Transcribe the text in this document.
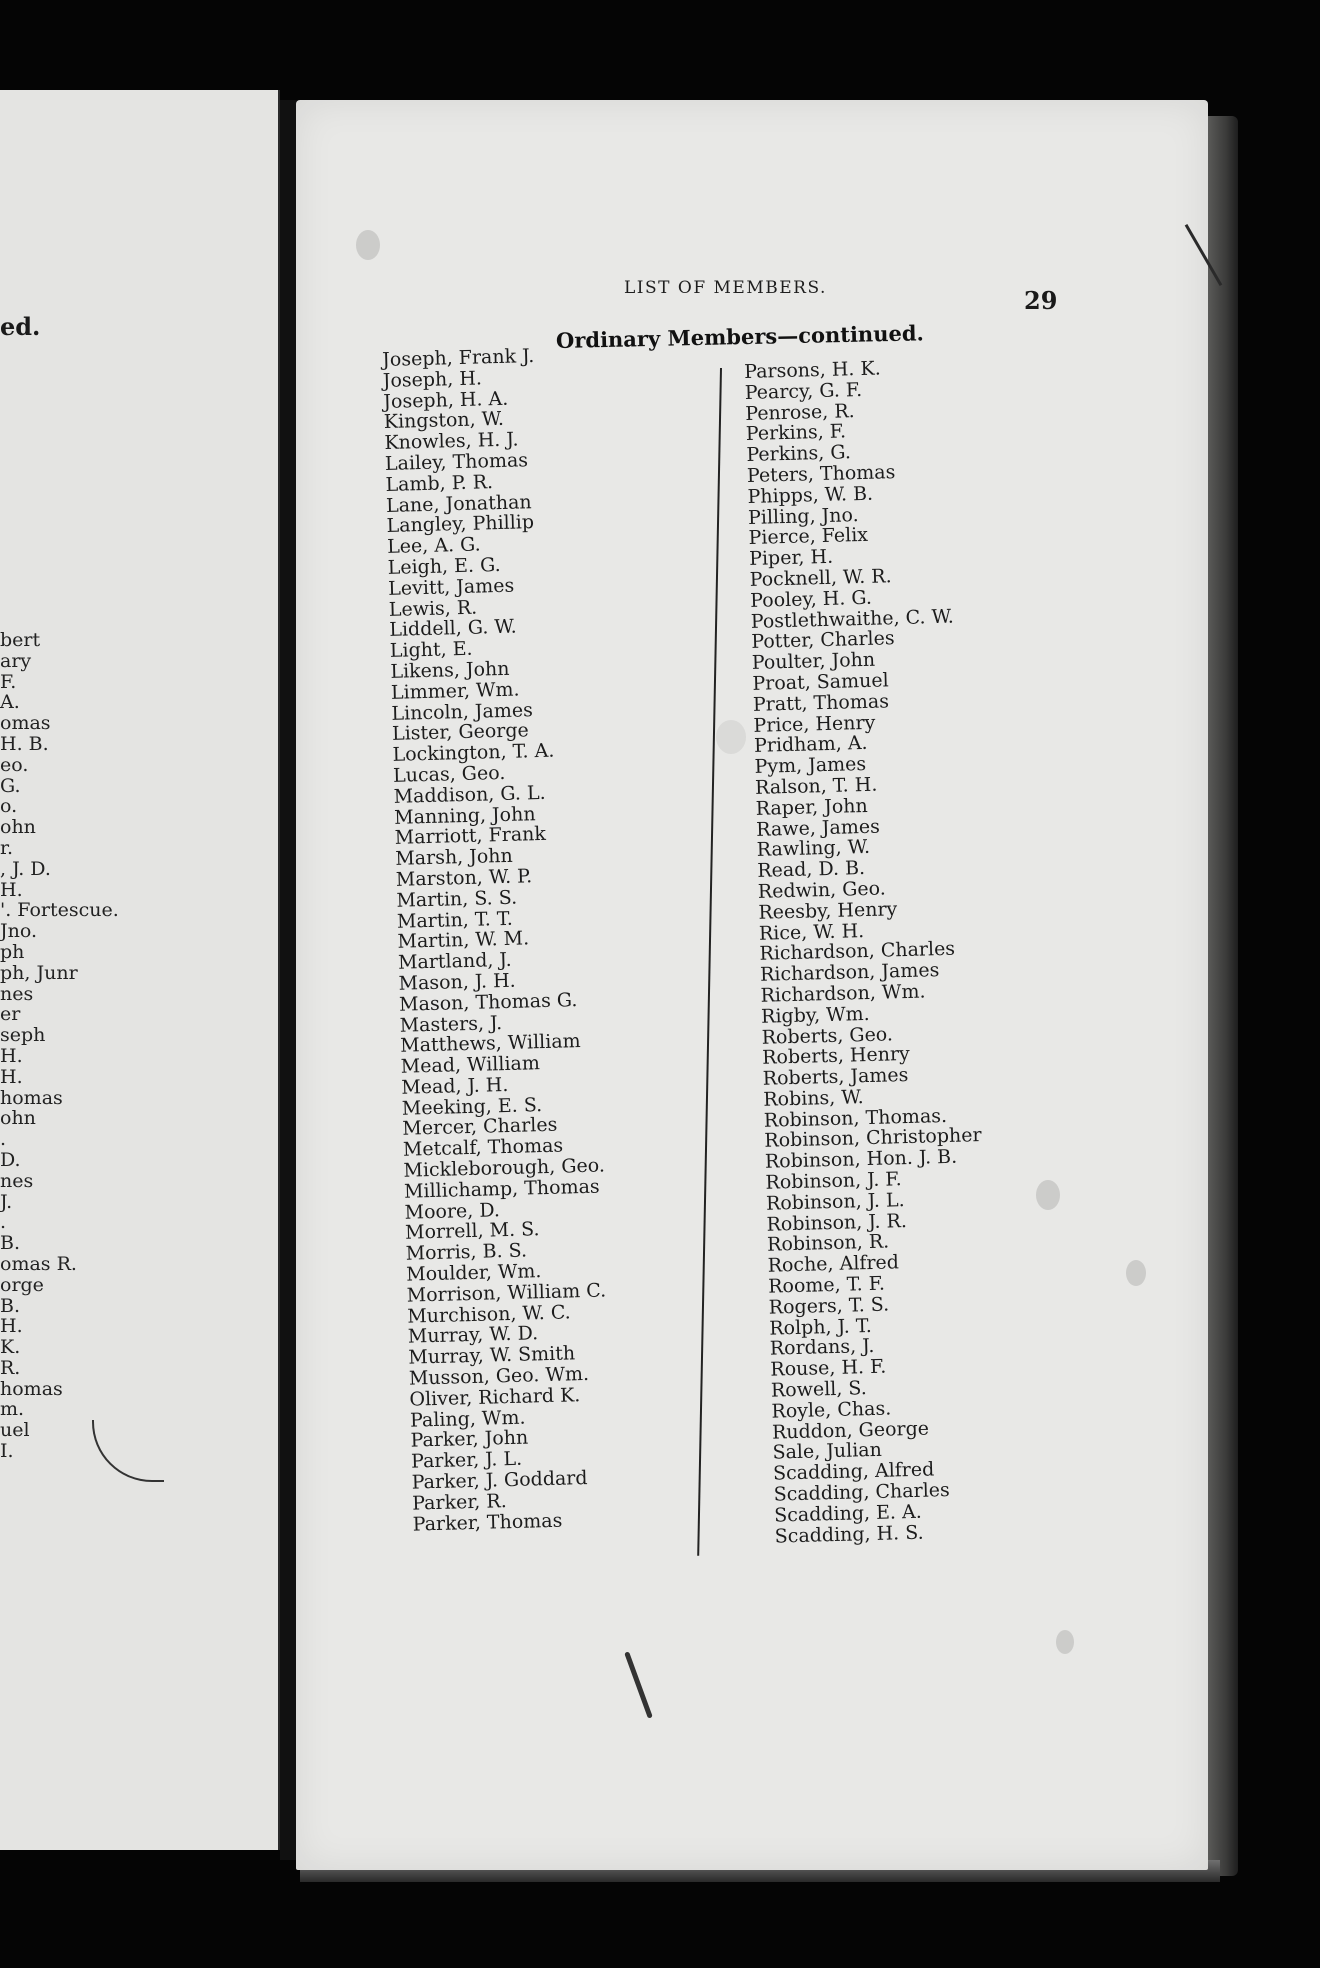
ed.
bert
ary
F.
A.
omas
H. B.
eo.
G.
o.
ohn
r.
, J. D.
H.
'. Fortescue.
Jno.
ph
ph, Junr
nes
er
seph
H.
H.
homas
ohn
.
D.
nes
J.
.
B.
omas R.
orge
B.
H.
K.
R.
homas
m.
uel
I.
LIST OF MEMBERS.	29
Ordinary Members—continued.
Joseph, Frank J.
Joseph, H.
Joseph, H. A.
Kingston, W.
Knowles, H. J.
Lailey, Thomas
Lamb, P. R.
Lane, Jonathan
Langley, Phillip
Lee, A. G.
Leigh, E. G.
Levitt, James
Lewis, R.
Liddell, G. W.
Light, E.
Likens, John
Limmer, Wm.
Lincoln, James
Lister, George
Lockington, T. A.
Lucas, Geo.
Maddison, G. L.
Manning, John
Marriott, Frank
Marsh, John
Marston, W. P.
Martin, S. S.
Martin, T. T.
Martin, W. M.
Martland, J.
Mason, J. H.
Mason, Thomas G.
Masters, J.
Matthews, William
Mead, William
Mead, J. H.
Meeking, E. S.
Mercer, Charles
Metcalf, Thomas
Mickleborough, Geo.
Millichamp, Thomas
Moore, D.
Morrell, M. S.
Morris, B. S.
Moulder, Wm.
Morrison, William C.
Murchison, W. C.
Murray, W. D.
Murray, W. Smith
Musson, Geo. Wm.
Oliver, Richard K.
Paling, Wm.
Parker, John
Parker, J. L.
Parker, J. Goddard
Parker, R.
Parker, Thomas
Parsons, H. K.
Pearcy, G. F.
Penrose, R.
Perkins, F.
Perkins, G.
Peters, Thomas
Phipps, W. B.
Pilling, Jno.
Pierce, Felix
Piper, H.
Pocknell, W. R.
Pooley, H. G.
Postlethwaithe, C. W.
Potter, Charles
Poulter, John
Proat, Samuel
Pratt, Thomas
Price, Henry
Pridham, A.
Pym, James
Ralson, T. H.
Raper, John
Rawe, James
Rawling, W.
Read, D. B.
Redwin, Geo.
Reesby, Henry
Rice, W. H.
Richardson, Charles
Richardson, James
Richardson, Wm.
Rigby, Wm.
Roberts, Geo.
Roberts, Henry
Roberts, James
Robins, W.
Robinson, Thomas.
Robinson, Christopher
Robinson, Hon. J. B.
Robinson, J. F.
Robinson, J. L.
Robinson, J. R.
Robinson, R.
Roche, Alfred
Roome, T. F.
Rogers, T. S.
Rolph, J. T.
Rordans, J.
Rouse, H. F.
Rowell, S.
Royle, Chas.
Ruddon, George
Sale, Julian
Scadding, Alfred
Scadding, Charles
Scadding, E. A.
Scadding, H. S.
